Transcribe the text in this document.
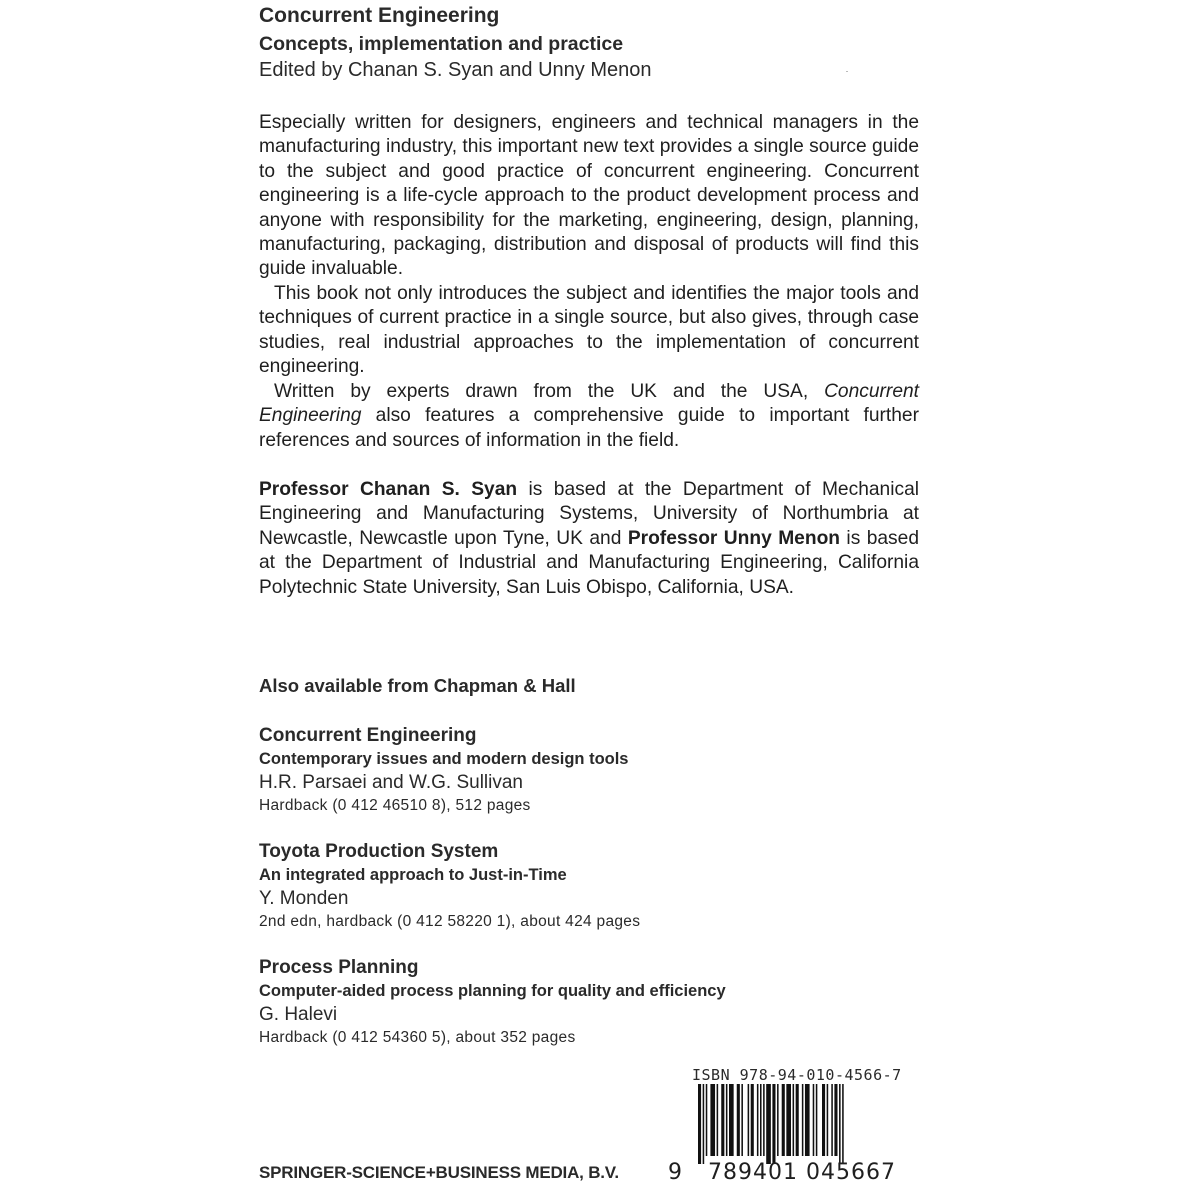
Concurrent Engineering
Concepts, implementation and practice
Edited by Chanan S. Syan and Unny Menon

Especially written for designers, engineers and technical managers in the manufacturing industry, this important new text provides a single source guide to the subject and good practice of concurrent engineering. Concurrent engineering is a life-cycle approach to the product development process and anyone with responsibility for the marketing, engineering, design, planning, manufacturing, packaging, distribution and disposal of products will find this guide invaluable.

This book not only introduces the subject and identifies the major tools and techniques of current practice in a single source, but also gives, through case studies, real industrial approaches to the implementation of concurrent engineering.

Written by experts drawn from the UK and the USA, Concurrent Engineering also features a comprehensive guide to important further references and sources of information in the field.

Professor Chanan S. Syan is based at the Department of Mechanical Engineering and Manufacturing Systems, University of Northumbria at Newcastle, Newcastle upon Tyne, UK and Professor Unny Menon is based at the Department of Industrial and Manufacturing Engineering, California Polytechnic State University, San Luis Obispo, California, USA.

Also available from Chapman & Hall
Concurrent Engineering
Contemporary issues and modern design tools
H.R. Parsaei and W.G. Sullivan
Hardback (0 412 46510 8), 512 pages
Toyota Production System
An integrated approach to Just-in-Time
Y. Monden
2nd edn, hardback (0 412 58220 1), about 424 pages
Process Planning
Computer-aided process planning for quality and efficiency
G. Halevi
Hardback (0 412 54360 5), about 352 pages
SPRINGER-SCIENCE+BUSINESS MEDIA, B.V.
ISBN 978-94-010-4566-7
9 789401 045667
